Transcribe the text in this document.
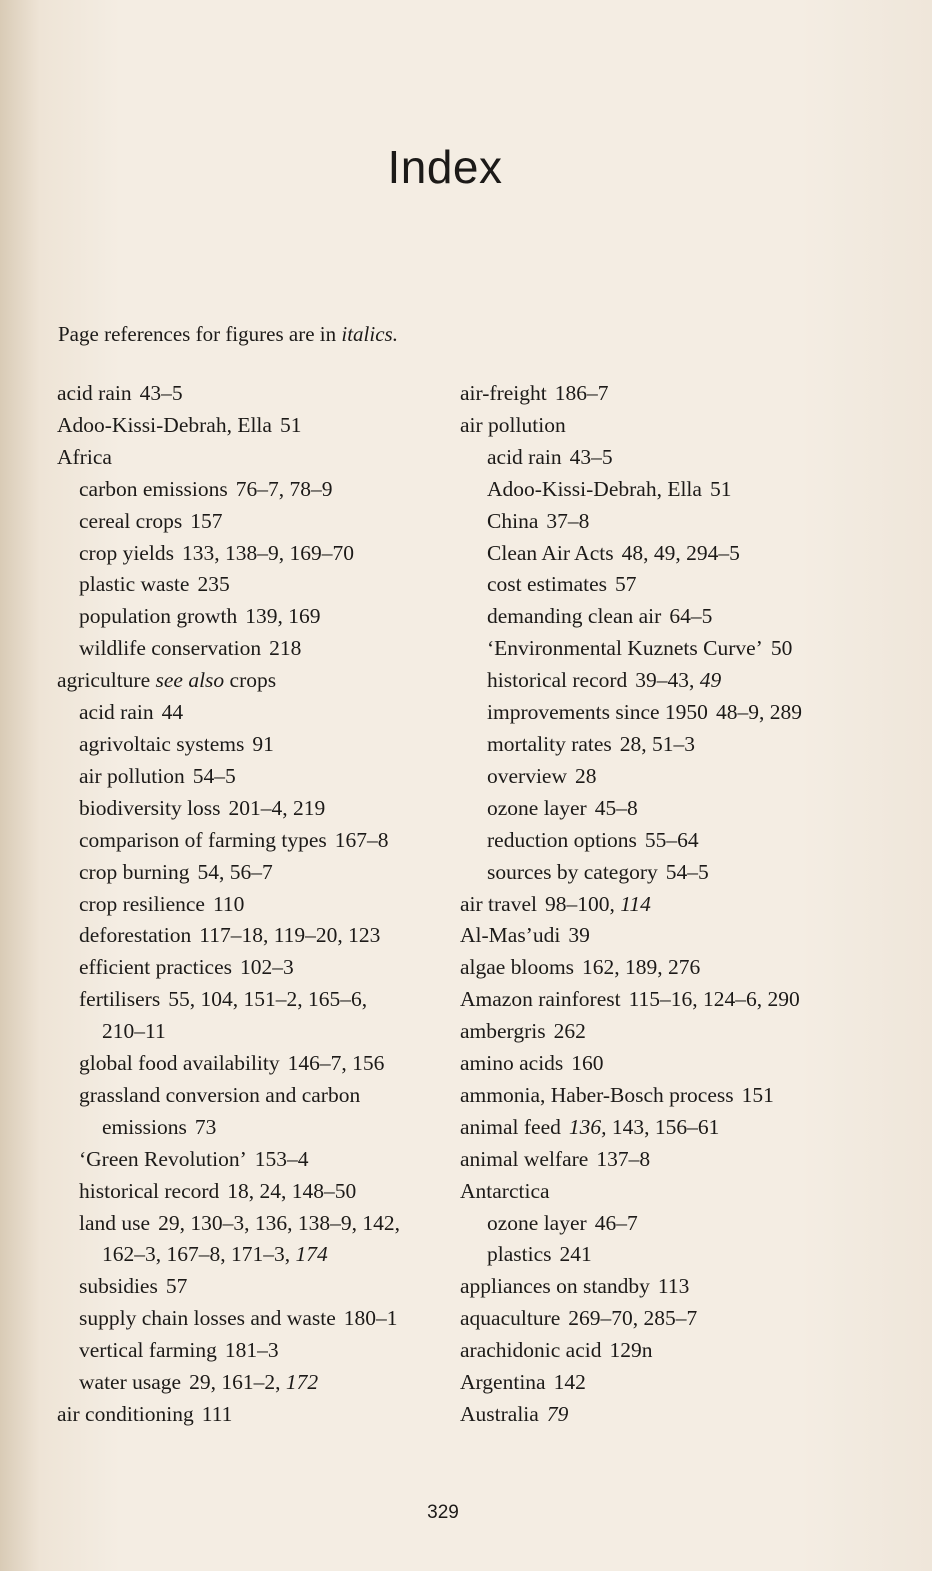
Index
Page references for figures are in italics.
acid rain 43–5
Adoo-Kissi-Debrah, Ella 51
Africa
carbon emissions 76–7, 78–9
cereal crops 157
crop yields 133, 138–9, 169–70
plastic waste 235
population growth 139, 169
wildlife conservation 218
agriculture see also crops
acid rain 44
agrivoltaic systems 91
air pollution 54–5
biodiversity loss 201–4, 219
comparison of farming types 167–8
crop burning 54, 56–7
crop resilience 110
deforestation 117–18, 119–20, 123
efficient practices 102–3
fertilisers 55, 104, 151–2, 165–6,
210–11
global food availability 146–7, 156
grassland conversion and carbon
emissions 73
‘Green Revolution’ 153–4
historical record 18, 24, 148–50
land use 29, 130–3, 136, 138–9, 142,
162–3, 167–8, 171–3, 174
subsidies 57
supply chain losses and waste 180–1
vertical farming 181–3
water usage 29, 161–2, 172
air conditioning 111
air-freight 186–7
air pollution
acid rain 43–5
Adoo-Kissi-Debrah, Ella 51
China 37–8
Clean Air Acts 48, 49, 294–5
cost estimates 57
demanding clean air 64–5
‘Environmental Kuznets Curve’ 50
historical record 39–43, 49
improvements since 1950 48–9, 289
mortality rates 28, 51–3
overview 28
ozone layer 45–8
reduction options 55–64
sources by category 54–5
air travel 98–100, 114
Al-Mas’udi 39
algae blooms 162, 189, 276
Amazon rainforest 115–16, 124–6, 290
ambergris 262
amino acids 160
ammonia, Haber-Bosch process 151
animal feed 136, 143, 156–61
animal welfare 137–8
Antarctica
ozone layer 46–7
plastics 241
appliances on standby 113
aquaculture 269–70, 285–7
arachidonic acid 129n
Argentina 142
Australia 79
329
